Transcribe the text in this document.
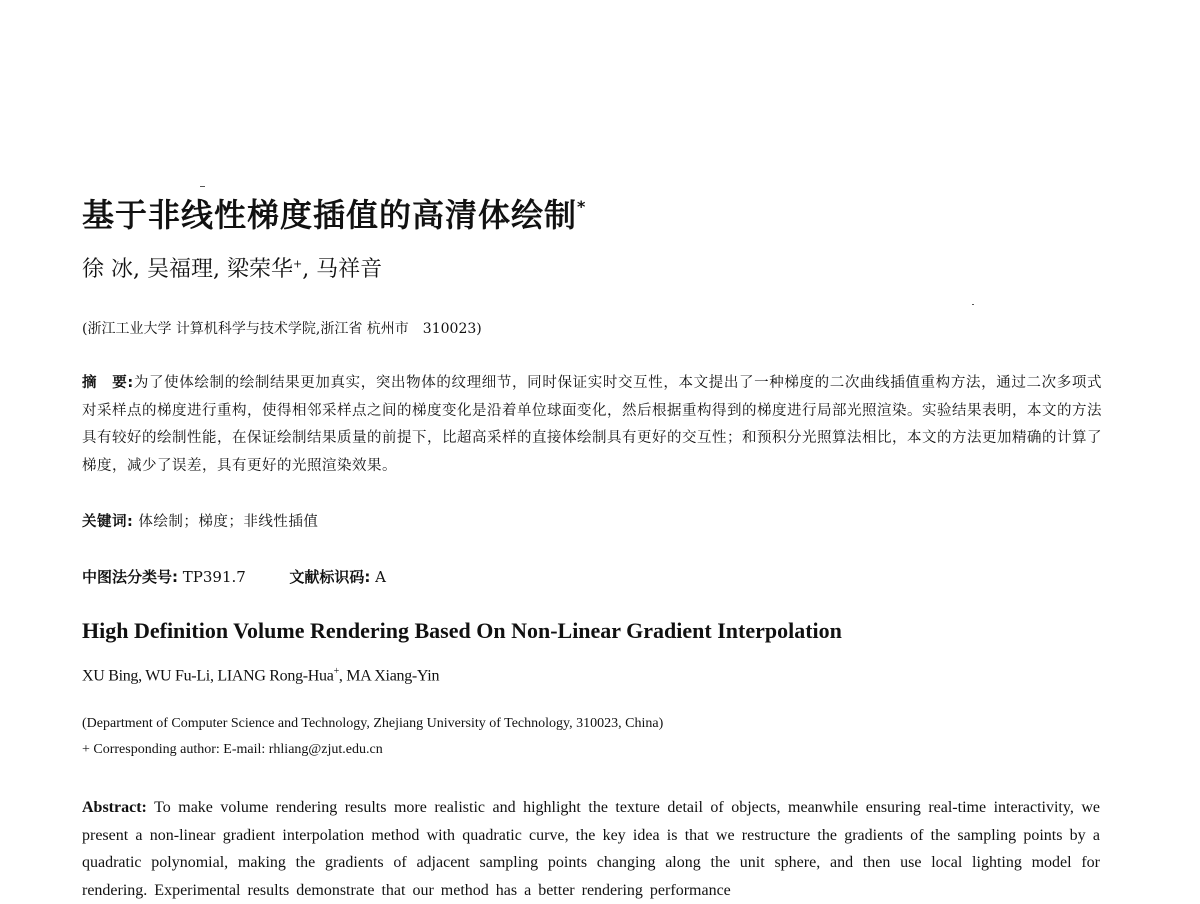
基于非线性梯度插值的高清体绘制*
徐 冰, 吴福理, 梁荣华+, 马祥音
(浙江工业大学 计算机科学与技术学院,浙江省 杭州市　310023)
摘　要:为了使体绘制的绘制结果更加真实，突出物体的纹理细节，同时保证实时交互性，本文提出了一种梯度的二次曲线插值重构方法，通过二次多项式对采样点的梯度进行重构，使得相邻采样点之间的梯度变化是沿着单位球面变化，然后根据重构得到的梯度进行局部光照渲染。实验结果表明，本文的方法具有较好的绘制性能，在保证绘制结果质量的前提下，比超高采样的直接体绘制具有更好的交互性；和预积分光照算法相比，本文的方法更加精确的计算了梯度，减少了误差，具有更好的光照渲染效果。
关键词: 体绘制；梯度；非线性插值
中图法分类号: TP391.7	文献标识码: A
High Definition Volume Rendering Based On Non-Linear Gradient Interpolation
XU Bing, WU Fu-Li, LIANG Rong-Hua+, MA Xiang-Yin
(Department of Computer Science and Technology, Zhejiang University of Technology, 310023, China)
+ Corresponding author: E-mail: rhliang@zjut.edu.cn
Abstract: To make volume rendering results more realistic and highlight the texture detail of objects, meanwhile ensuring real-time interactivity, we present a non-linear gradient interpolation method with quadratic curve, the key idea is that we restructure the gradients of the sampling points by a quadratic polynomial, making the gradients of adjacent sampling points changing along the unit sphere, and then use local lighting model for rendering. Experimental results demonstrate that our method has a better rendering performance
